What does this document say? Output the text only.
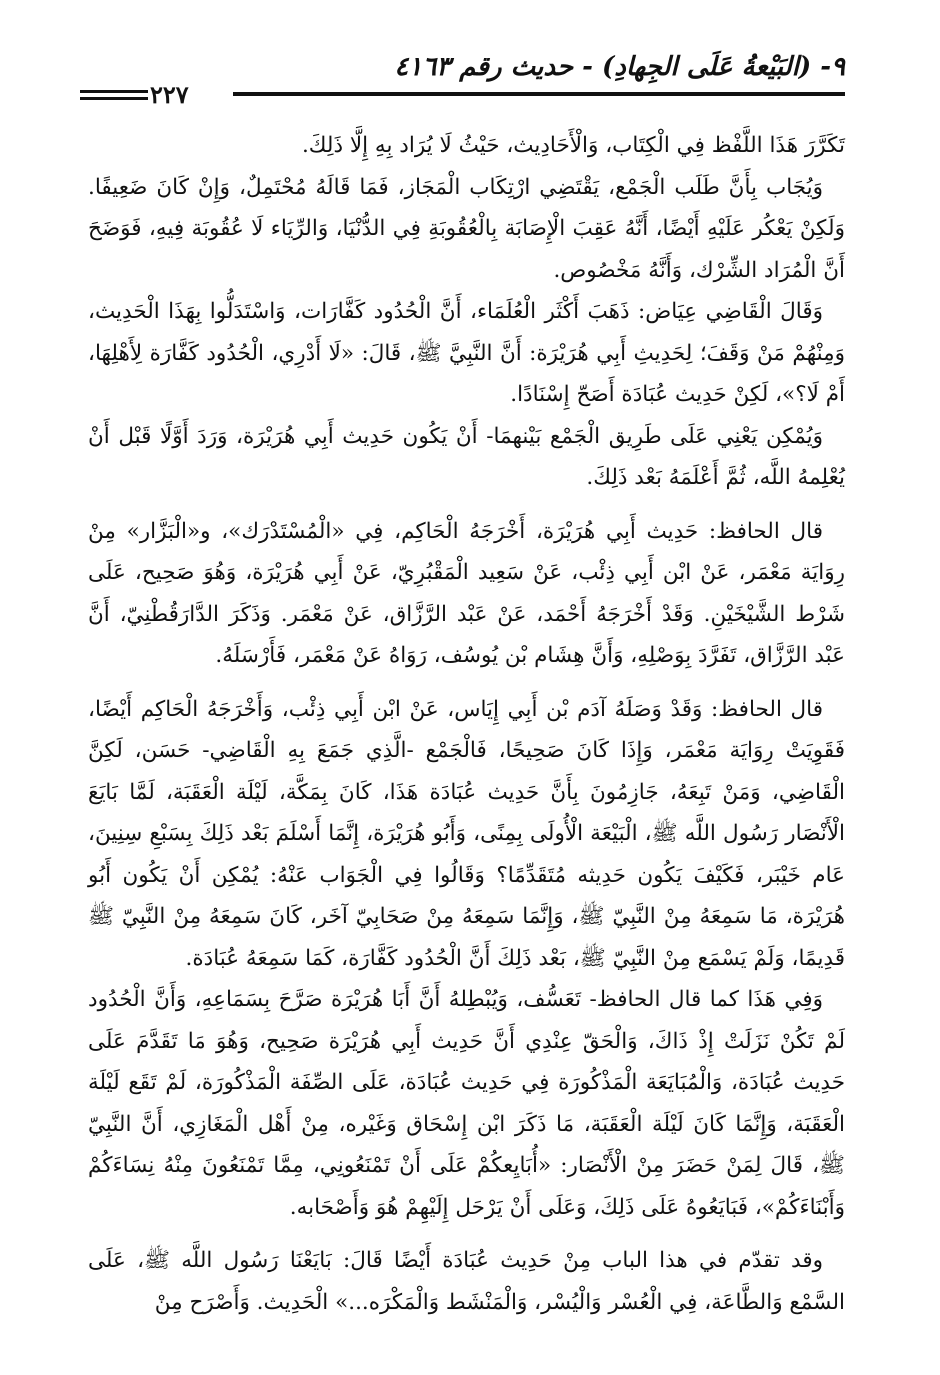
٩- (البَيْعةُ عَلَى الجِهادِ) - حديث رقم ٤١٦٣
٢٢٧

تَكَرَّرَ هَذَا اللَّفْظ فِي الْكِتَاب، وَالْأَحَادِيث، حَيْثُ لَا يُرَاد بِهِ إِلَّا ذَلِكَ.

وَيُجَاب بِأَنَّ طَلَب الْجَمْع، يَقْتَضِي ارْتِكَاب الْمَجَاز، فَمَا قَالَهُ مُحْتَمِلٌ، وَإِنْ كَانَ ضَعِيفًا. وَلَكِنْ يَعْكُر عَلَيْهِ أَيْضًا، أَنَّهُ عَقِبَ الْإِصَابَة بِالْعُقُوبَةِ فِي الدُّنْيَا، وَالرِّيَاء لَا عُقُوبَة فِيهِ، فَوَضَحَ أَنَّ الْمُرَاد الشِّرْك، وَأَنَّهُ مَخْصُوص.

وَقَالَ الْقَاضِي عِيَاض: ذَهَبَ أَكْثَر الْعُلَمَاء، أَنَّ الْحُدُود كَفَّارَات، وَاسْتَدَلُّوا بِهَذَا الْحَدِيث، وَمِنْهُمْ مَنْ وَقَفَ؛ لِحَدِيثِ أَبِي هُرَيْرَة: أَنَّ النَّبِيَّ ﷺ، قَالَ: «لَا أَدْرِي، الْحُدُود كَفَّارَة لِأَهْلِهَا، أَمْ لَا؟»، لَكِنْ حَدِيث عُبَادَة أَصَحّ إِسْنَادًا.

وَيُمْكِن يَعْنِي عَلَى طَرِيق الْجَمْع بَيْنهمَا- أَنْ يَكُون حَدِيث أَبِي هُرَيْرَة، وَرَدَ أَوَّلًا قَبْل أَنْ يُعْلِمهُ اللَّه، ثُمَّ أَعْلَمَهُ بَعْد ذَلِكَ.

قال الحافظ: حَدِيث أَبِي هُرَيْرَة، أَخْرَجَهُ الْحَاكِم، فِي «الْمُسْتَدْرَك»، و«الْبَزَّار» مِنْ رِوَايَة مَعْمَر، عَنْ ابْن أَبِي ذِئْب، عَنْ سَعِيد الْمَقْبُرِيّ، عَنْ أَبِي هُرَيْرَة، وَهُوَ صَحِيح، عَلَى شَرْط الشَّيْخَيْنِ. وَقَدْ أَخْرَجَهُ أَحْمَد، عَنْ عَبْد الرَّزَّاق، عَنْ مَعْمَر. وَذَكَرَ الدَّارَقُطْنِيّ، أَنَّ عَبْد الرَّزَّاق، تَفَرَّدَ بِوَصْلِهِ، وَأَنَّ هِشَام بْن يُوسُف، رَوَاهُ عَنْ مَعْمَر، فَأَرْسَلَهُ.

قال الحافظ: وَقَدْ وَصَلَهُ آدَم بْن أَبِي إِيَاس، عَنْ ابْن أَبِي ذِئْب، وَأَخْرَجَهُ الْحَاكِم أَيْضًا، فَقَوِيَتْ رِوَايَة مَعْمَر، وَإِذَا كَانَ صَحِيحًا، فَالْجَمْع -الَّذِي جَمَعَ بِهِ الْقَاضِي- حَسَن، لَكِنَّ الْقَاضِي، وَمَنْ تَبِعَهُ، جَازِمُونَ بِأَنَّ حَدِيث عُبَادَة هَذَا، كَانَ بِمَكَّة، لَيْلَة الْعَقَبَة، لَمَّا بَايَعَ الْأَنْصَار رَسُول اللَّه ﷺ، الْبَيْعَة الْأُولَى بِمِنًى، وَأَبُو هُرَيْرَة، إِنَّمَا أَسْلَمَ بَعْد ذَلِكَ بِسَبْعِ سِنِينَ، عَام خَيْبَر، فَكَيْفَ يَكُون حَدِيثه مُتَقَدِّمًا؟ وَقَالُوا فِي الْجَوَاب عَنْهُ: يُمْكِن أَنْ يَكُون أَبُو هُرَيْرَة، مَا سَمِعَهُ مِنْ النَّبِيّ ﷺ، وَإِنَّمَا سَمِعَهُ مِنْ صَحَابِيّ آخَر، كَانَ سَمِعَهُ مِنْ النَّبِيّ ﷺ قَدِيمًا، وَلَمْ يَسْمَع مِنْ النَّبِيّ ﷺ، بَعْد ذَلِكَ أَنَّ الْحُدُود كَفَّارَة، كَمَا سَمِعَهُ عُبَادَة.

وَفِي هَذَا كما قال الحافظ- تَعَسُّف، وَيُبْطِلهُ أَنَّ أَبَا هُرَيْرَة صَرَّحَ بِسَمَاعِهِ، وَأَنَّ الْحُدُود لَمْ تَكُنْ نَزَلَتْ إِذْ ذَاكَ، وَالْحَقّ عِنْدِي أَنَّ حَدِيث أَبِي هُرَيْرَة صَحِيح، وَهُوَ مَا تَقَدَّمَ عَلَى حَدِيث عُبَادَة، وَالْمُبَايَعَة الْمَذْكُورَة فِي حَدِيث عُبَادَة، عَلَى الصِّفَة الْمَذْكُورَة، لَمْ تَقَع لَيْلَة الْعَقَبَة، وَإِنَّمَا كَانَ لَيْلَة الْعَقَبَة، مَا ذَكَرَ ابْن إِسْحَاق وَغَيْره، مِنْ أَهْل الْمَغَازِي، أَنَّ النَّبِيّ ﷺ، قَالَ لِمَنْ حَضَرَ مِنْ الْأَنْصَار: «أُبَايِعكُمْ عَلَى أَنْ تَمْنَعُونِي، مِمَّا تَمْنَعُونَ مِنْهُ نِسَاءَكُمْ وَأَبْنَاءَكُمْ»، فَبَايَعُوهُ عَلَى ذَلِكَ، وَعَلَى أَنْ يَرْحَل إِلَيْهِمْ هُوَ وَأَصْحَابه.

وقد تقدّم في هذا الباب مِنْ حَدِيث عُبَادَة أَيْضًا قَالَ: بَايَعْنَا رَسُول اللَّه ﷺ، عَلَى السَّمْع وَالطَّاعَة، فِي الْعُسْر وَالْيُسْر، وَالْمَنْشَط وَالْمَكْرَه...» الْحَدِيث. وَأَصْرَح مِنْ
